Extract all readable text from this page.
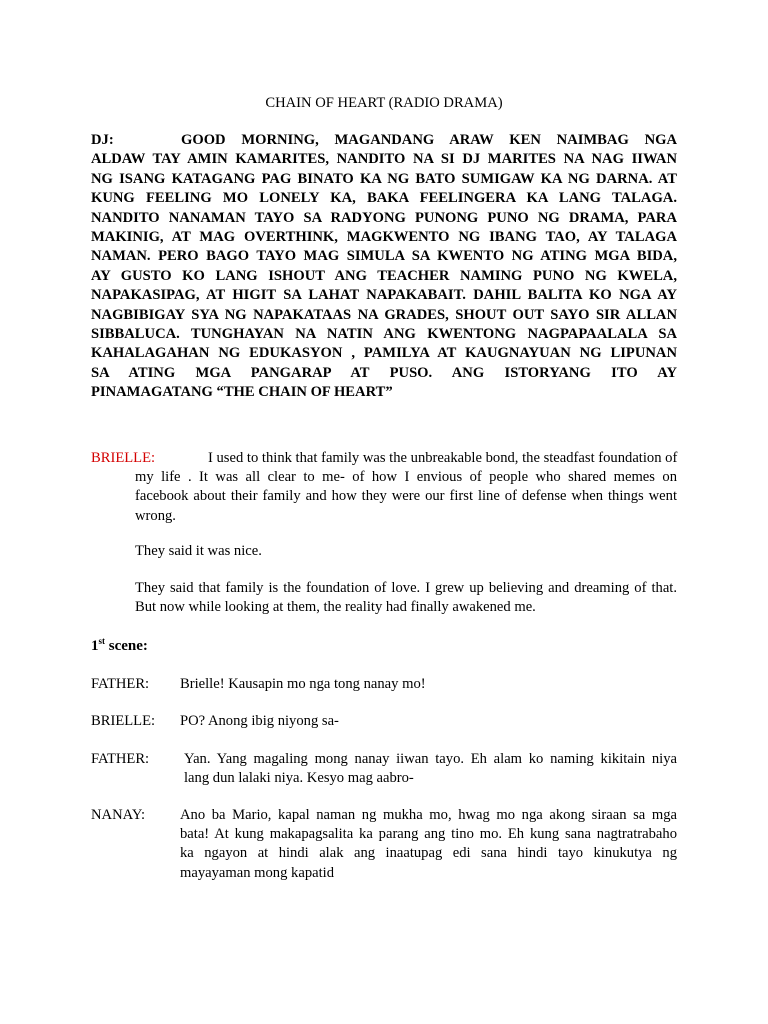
CHAIN OF HEART (RADIO DRAMA)
DJ:	GOOD MORNING, MAGANDANG ARAW KEN NAIMBAG NGA
ALDAW TAY AMIN KAMARITES, NANDITO NA SI DJ MARITES NA NAG IIWAN
NG ISANG KATAGANG PAG BINATO KA NG BATO SUMIGAW KA NG DARNA. AT
KUNG FEELING MO LONELY KA, BAKA FEELINGERA KA LANG TALAGA.
NANDITO NANAMAN TAYO SA RADYONG PUNONG PUNO NG DRAMA, PARA
MAKINIG, AT MAG OVERTHINK, MAGKWENTO NG IBANG TAO, AY TALAGA
NAMAN. PERO BAGO TAYO MAG SIMULA SA KWENTO NG ATING MGA BIDA,
AY GUSTO KO LANG ISHOUT ANG TEACHER NAMING PUNO NG KWELA,
NAPAKASIPAG, AT HIGIT SA LAHAT NAPAKABAIT. DAHIL BALITA KO NGA AY
NAGBIBIGAY SYA NG NAPAKATAAS NA GRADES, SHOUT OUT SAYO SIR ALLAN
SIBBALUCA. TUNGHAYAN NA NATIN ANG KWENTONG NAGPAPAALALA SA
KAHALAGAHAN NG EDUKASYON , PAMILYA AT KAUGNAYUAN NG LIPUNAN
SA ATING MGA PANGARAP AT PUSO. ANG ISTORYANG ITO AY
PINAMAGATANG “THE CHAIN OF HEART”
BRIELLE:	I used to think that family was the unbreakable bond, the steadfast foundation of
my life . It was all clear to me- of how I envious of people who shared memes on
facebook about their family and how they were our first line of defense when things went
wrong.
They said it was nice.
They said that family is the foundation of love. I grew up believing and dreaming of that.
But now while looking at them, the reality had finally awakened me.
1st scene:
FATHER: Brielle! Kausapin mo nga tong nanay mo!
BRIELLE: PO? Anong ibig niyong sa-
FATHER: Yan. Yang magaling mong nanay iiwan tayo. Eh alam ko naming kikitain niya
lang dun lalaki niya. Kesyo mag aabro-
NANAY: Ano ba Mario, kapal naman ng mukha mo, hwag mo nga akong siraan sa mga
bata! At kung makapagsalita ka parang ang tino mo. Eh kung sana nagtratrabaho
ka ngayon at hindi alak ang inaatupag edi sana hindi tayo kinukutya ng
mayayaman mong kapatid
